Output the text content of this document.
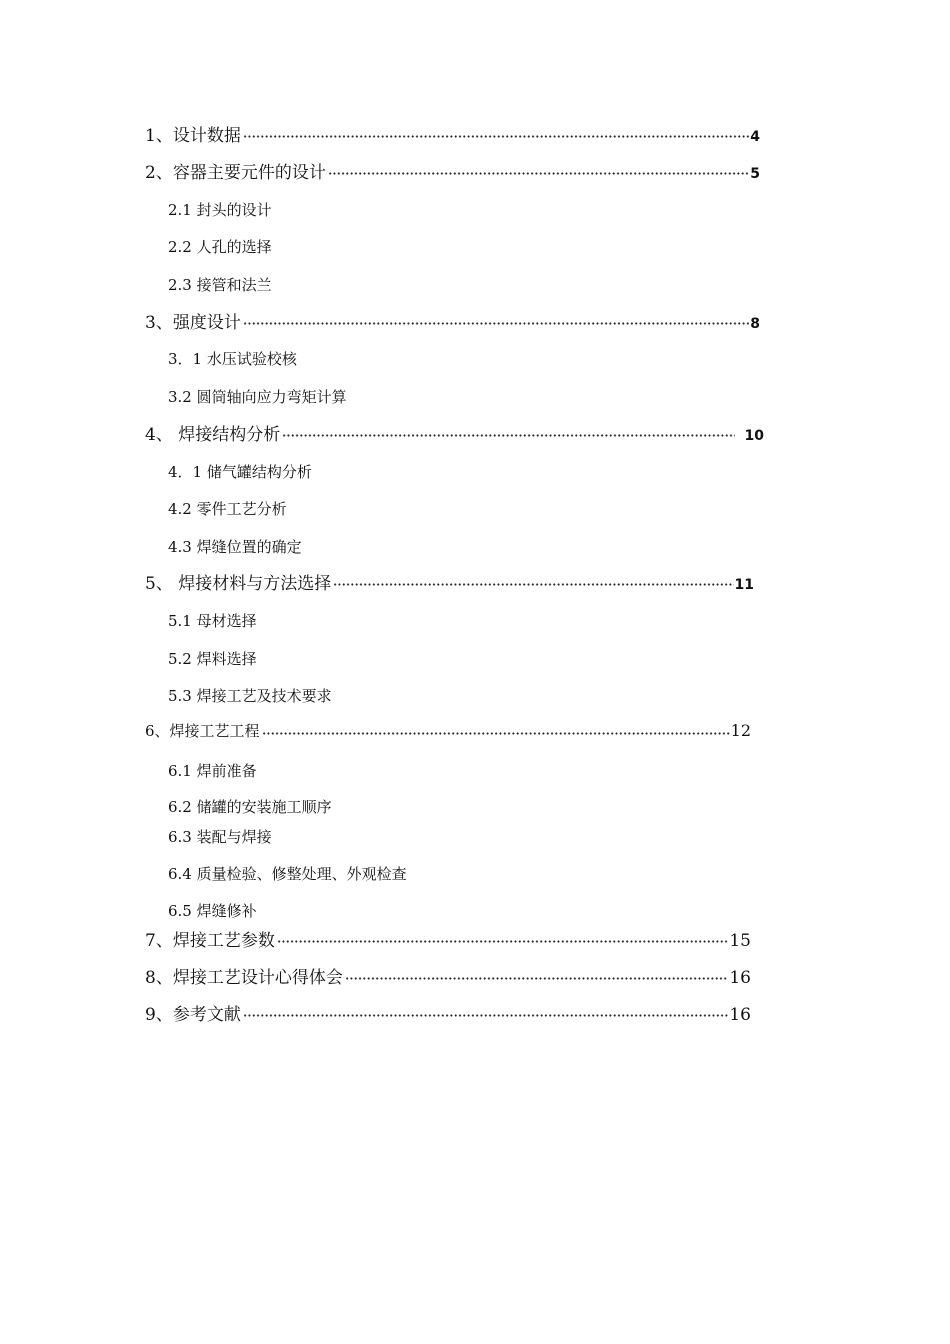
1、设计数据	4
2、容器主要元件的设计	5
2.1 封头的设计
2.2 人孔的选择
2.3 接管和法兰
3、强度设计	8
3．1 水压试验校核
3.2 圆筒轴向应力弯矩计算
4、 焊接结构分析	10
4．1 储气罐结构分析
4.2 零件工艺分析
4.3 焊缝位置的确定
5、 焊接材料与方法选择	11
5.1 母材选择
5.2 焊料选择
5.3 焊接工艺及技术要求
6、焊接工艺工程	12
6.1 焊前准备
6.2 储罐的安装施工顺序
6.3 装配与焊接
6.4 质量检验、修整处理、外观检查
6.5 焊缝修补
7、焊接工艺参数	15
8、焊接工艺设计心得体会	16
9、参考文献	16
